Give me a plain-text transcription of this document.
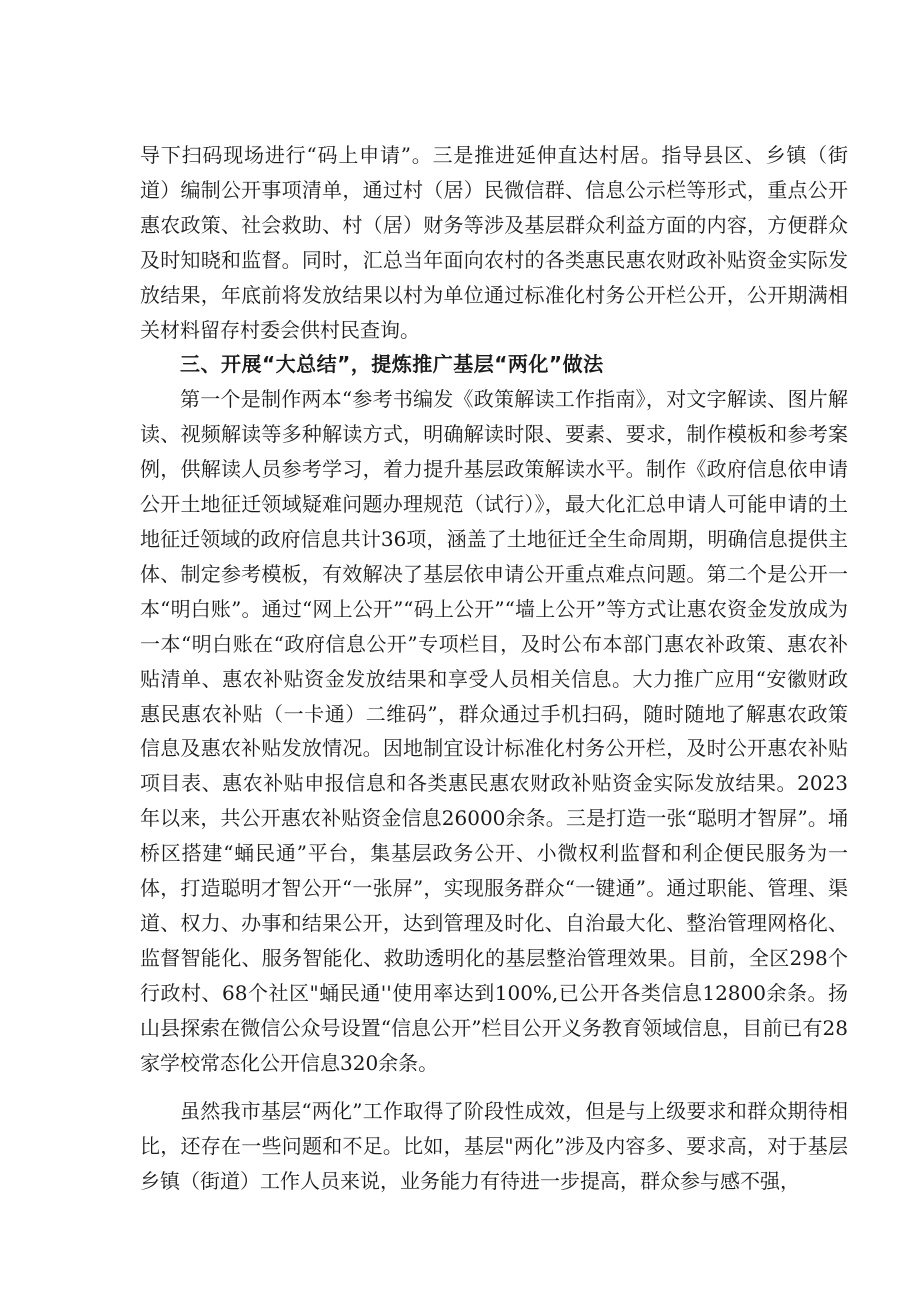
导下扫码现场进行“码上申请”。三是推进延伸直达村居。指导县区、乡镇（街道）编制公开事项清单，通过村（居）民微信群、信息公示栏等形式，重点公开惠农政策、社会救助、村（居）财务等涉及基层群众利益方面的内容，方便群众及时知晓和监督。同时，汇总当年面向农村的各类惠民惠农财政补贴资金实际发放结果，年底前将发放结果以村为单位通过标准化村务公开栏公开，公开期满相关材料留存村委会供村民查询。

三、开展“大总结”，提炼推广基层“两化”做法

第一个是制作两本“参考书编发《政策解读工作指南》，对文字解读、图片解读、视频解读等多种解读方式，明确解读时限、要素、要求，制作模板和参考案例，供解读人员参考学习，着力提升基层政策解读水平。制作《政府信息依申请公开土地征迁领域疑难问题办理规范（试行）》，最大化汇总申请人可能申请的土地征迁领域的政府信息共计36项，涵盖了土地征迁全生命周期，明确信息提供主体、制定参考模板，有效解决了基层依申请公开重点难点问题。第二个是公开一本“明白账”。通过“网上公开”“码上公开”“墙上公开”等方式让惠农资金发放成为一本“明白账在“政府信息公开”专项栏目，及时公布本部门惠农补政策、惠农补贴清单、惠农补贴资金发放结果和享受人员相关信息。大力推广应用“安徽财政惠民惠农补贴（一卡通）二维码”，群众通过手机扫码，随时随地了解惠农政策信息及惠农补贴发放情况。因地制宜设计标准化村务公开栏，及时公开惠农补贴项目表、惠农补贴申报信息和各类惠民惠农财政补贴资金实际发放结果。2023年以来，共公开惠农补贴资金信息26000余条。三是打造一张“聪明才智屏”。埇桥区搭建“蛹民通”平台，集基层政务公开、小微权利监督和利企便民服务为一体，打造聪明才智公开“一张屏”，实现服务群众“一键通”。通过职能、管理、渠道、权力、办事和结果公开，达到管理及时化、自治最大化、整治管理网格化、监督智能化、服务智能化、救助透明化的基层整治管理效果。目前，全区298个行政村、68个社区"蛹民通''使用率达到100%,已公开各类信息12800余条。扬山县探索在微信公众号设置“信息公开”栏目公开义务教育领域信息，目前已有28家学校常态化公开信息320余条。

虽然我市基层“两化”工作取得了阶段性成效，但是与上级要求和群众期待相比，还存在一些问题和不足。比如，基层"两化”涉及内容多、要求高，对于基层乡镇（街道）工作人员来说，业务能力有待进一步提高，群众参与感不强，
